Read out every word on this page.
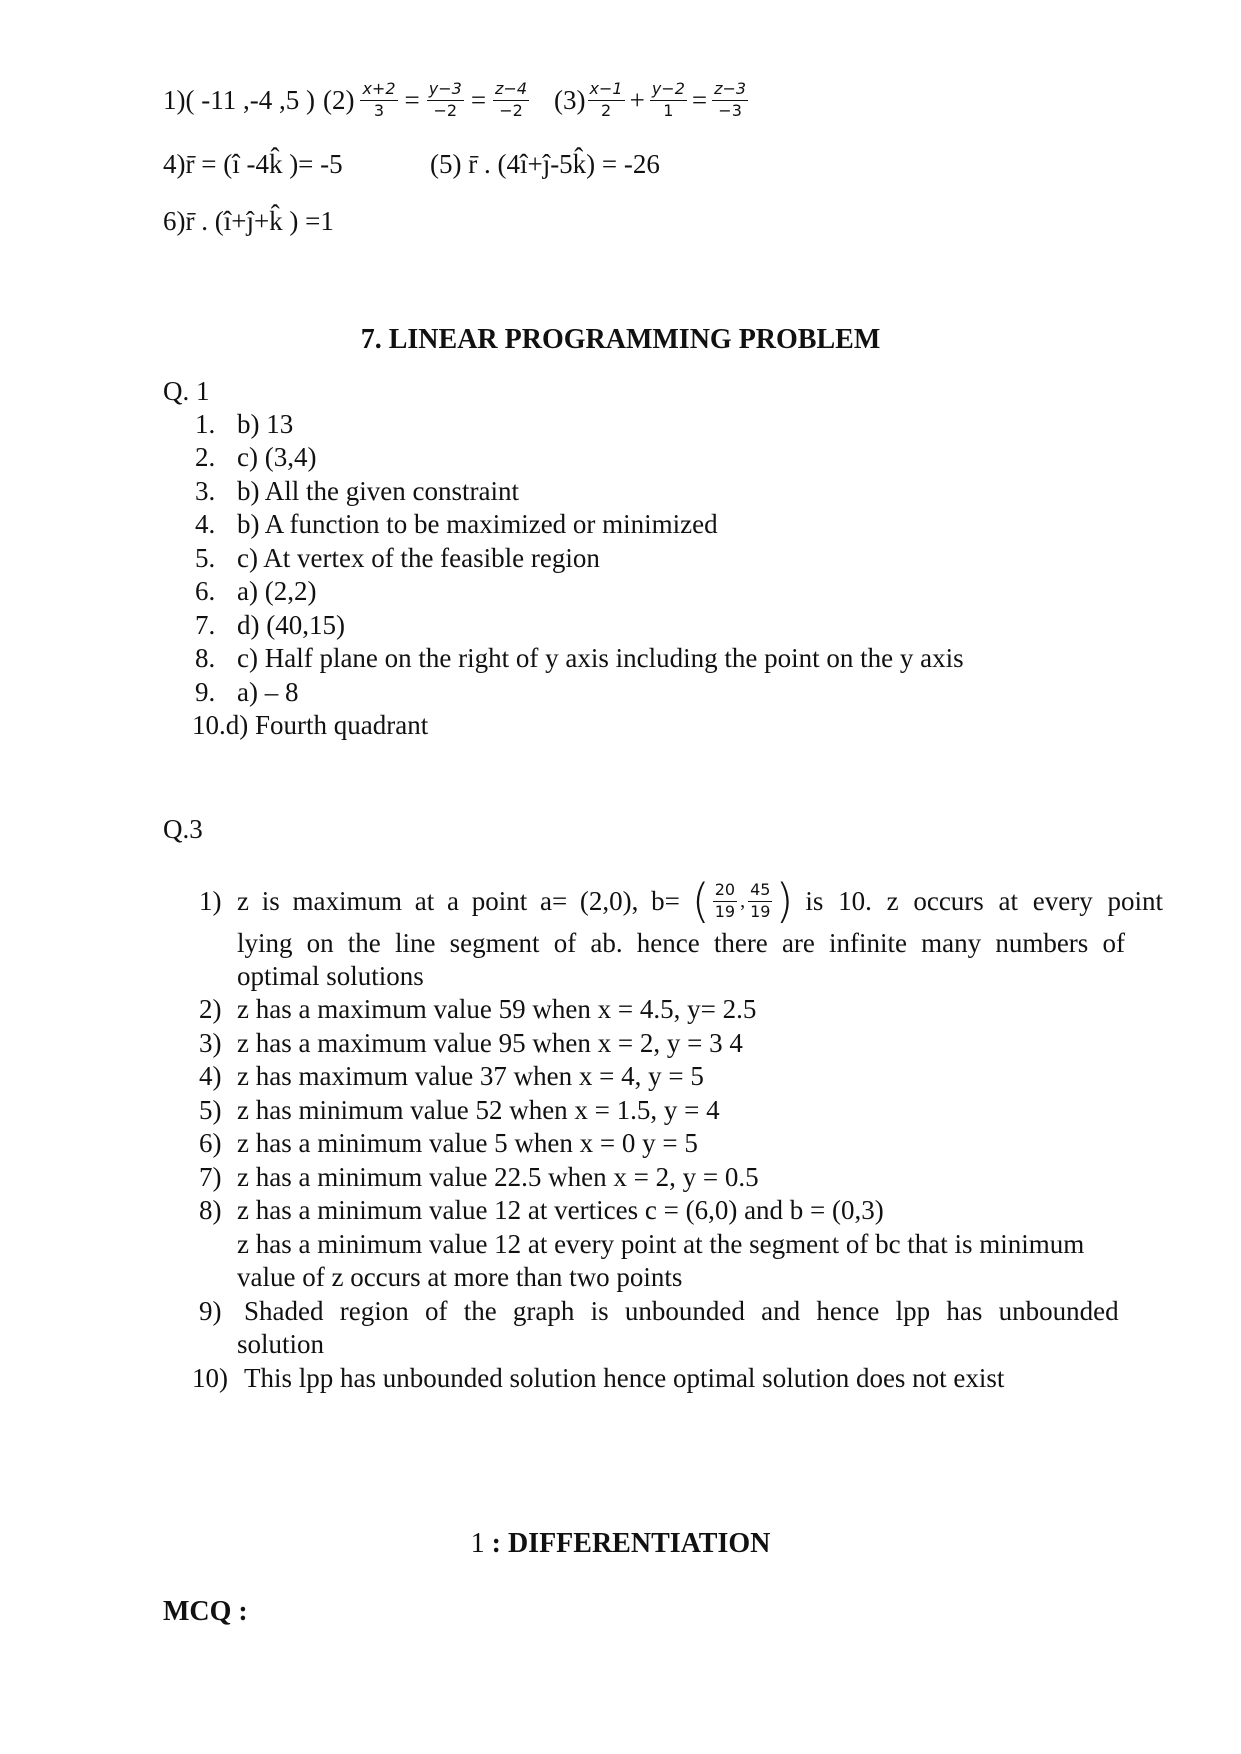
1)( -11 ,-4 ,5 ) $(2) \frac{x+2}{3} = \frac{y-3}{-2} = \frac{z-4}{-2} (3) \frac{x-1}{2} + \frac{y-2}{1} = \frac{z-3}{-3}$
4)r̄ = (î -4k̂ )= -5	(5) r̄ . (4î+ĵ-5k̂) = -26
6)r̄ . (î+ĵ+k̂ ) =1
7. LINEAR PROGRAMMING PROBLEM
Q. 1
1. b) 13
2. c) (3,4)
3. b) All the given constraint
4. b) A function to be maximized or minimized
5. c) At vertex of the feasible region
6. a) (2,2)
7. d) (40,15)
8. c) Half plane on the right of y axis including the point on the y axis
9. a) – 8
10.d) Fourth quadrant
Q.3
1) z is maximum at a point a= (2,0), b= ( $\frac{20}{19}$ , $\frac{45}{19}$ ) is 10. z occurs at every point
lying on the line segment of ab. hence there are infinite many numbers of
optimal solutions
2) z has a maximum value 59 when x = 4.5, y= 2.5
3) z has a maximum value 95 when x = 2, y = 3 4
4) z has maximum value 37 when x = 4, y = 5
5) z has minimum value 52 when x = 1.5, y = 4
6) z has a minimum value 5 when x = 0 y = 5
7) z has a minimum value 22.5 when x = 2, y = 0.5
8) z has a minimum value 12 at vertices c = (6,0) and b = (0,3)
z has a minimum value 12 at every point at the segment of bc that is minimum
value of z occurs at more than two points
9) Shaded region of the graph is unbounded and hence lpp has unbounded
solution
10) This lpp has unbounded solution hence optimal solution does not exist
1 : DIFFERENTIATION
MCQ :
